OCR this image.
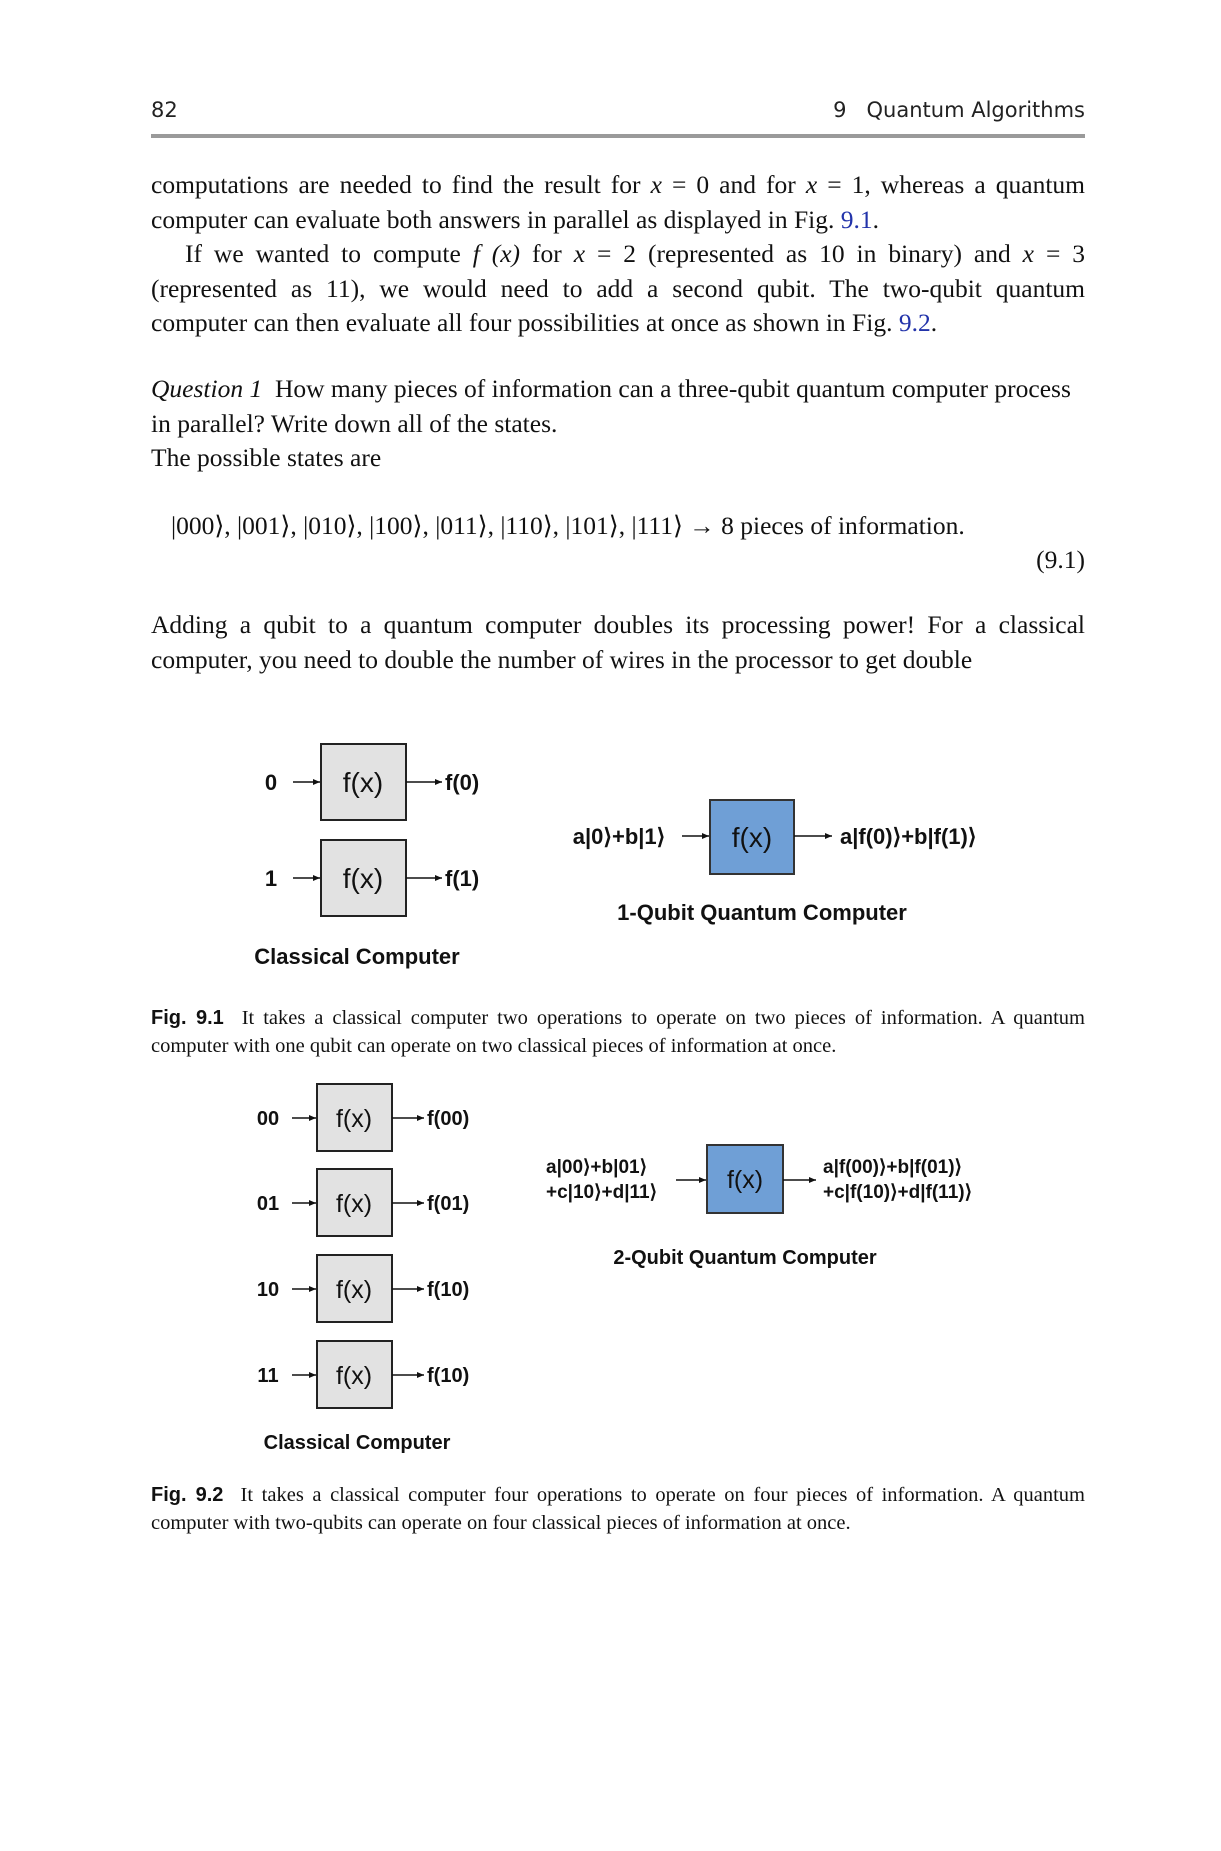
82	9   Quantum Algorithms

computations are needed to find the result for x = 0 and for x = 1, whereas a quantum computer can evaluate both answers in parallel as displayed in Fig. 9.1.

If we wanted to compute f (x) for x = 2 (represented as 10 in binary) and x = 3 (represented as 11), we would need to add a second qubit. The two-qubit quantum computer can then evaluate all four possibilities at once as shown in Fig. 9.2.

Question 1  How many pieces of information can a three-qubit quantum computer process in parallel? Write down all of the states.

The possible states are

|000⟩, |001⟩, |010⟩, |100⟩, |011⟩, |110⟩, |101⟩, |111⟩ → 8 pieces of information.
(9.1)

Adding a qubit to a quantum computer doubles its processing power! For a classical computer, you need to double the number of wires in the processor to get double

0 f(x)	f(0)
1 f(x)	f(1)
Classical Computer
a|0⟩+b|1⟩ f(x)	a|f(0)⟩+b|f(1)⟩
1-Qubit Quantum Computer

Fig. 9.1  It takes a classical computer two operations to operate on two pieces of information. A quantum computer with one qubit can operate on two classical pieces of information at once.

00 f(x)	f(00)
01 f(x)	f(01)
10 f(x)	f(10)
11 f(x)	f(10)
Classical Computer
a|00⟩+b|01⟩
+c|10⟩+d|11⟩	f(x)	a|f(00)⟩+b|f(01)⟩
+c|f(10)⟩+d|f(11)⟩
2-Qubit Quantum Computer

Fig. 9.2  It takes a classical computer four operations to operate on four pieces of information. A quantum computer with two-qubits can operate on four classical pieces of information at once.
